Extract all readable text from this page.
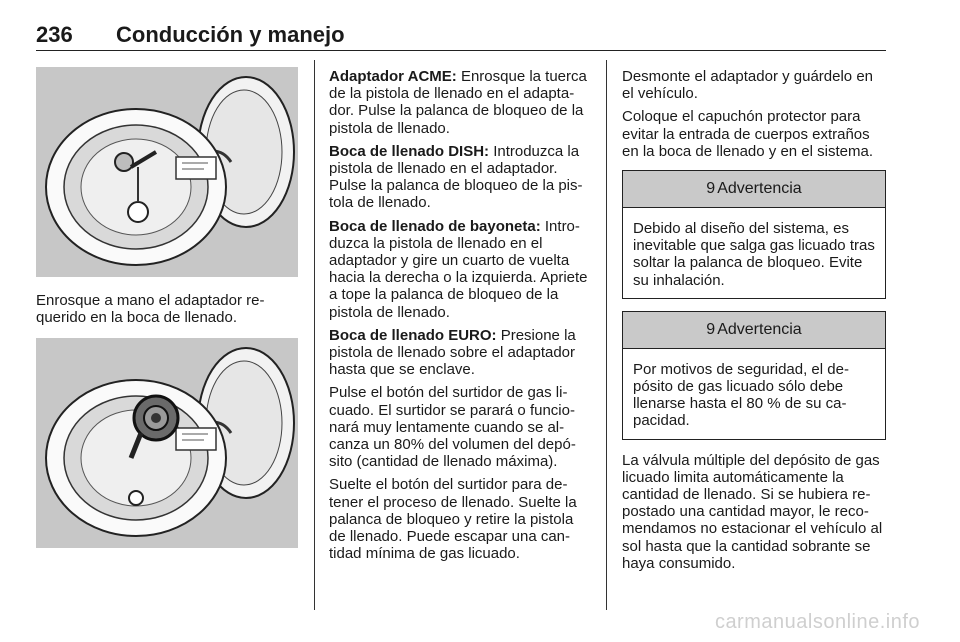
236 Conducción y manejo
Enrosque a mano el adaptador re-querido en la boca de llenado.

Adaptador ACME: Enrosque la tuerca de la pistola de llenado en el adapta-dor. Pulse la palanca de bloqueo de la pistola de llenado.

Boca de llenado DISH: Introduzca la pistola de llenado en el adaptador. Pulse la palanca de bloqueo de la pis-tola de llenado.

Boca de llenado de bayoneta: Intro-duzca la pistola de llenado en el adaptador y gire un cuarto de vuelta hacia la derecha o la izquierda. Apriete a tope la palanca de bloqueo de la pistola de llenado.

Boca de llenado EURO: Presione la pistola de llenado sobre el adaptador hasta que se enclave.

Pulse el botón del surtidor de gas li-cuado. El surtidor se parará o funcio-nará muy lentamente cuando se al-canza un 80% del volumen del depó-sito (cantidad de llenado máxima).

Suelte el botón del surtidor para de-tener el proceso de llenado. Suelte la palanca de bloqueo y retire la pistola de llenado. Puede escapar una can-tidad mínima de gas licuado.

Desmonte el adaptador y guárdelo en el vehículo.

Coloque el capuchón protector para evitar la entrada de cuerpos extraños en la boca de llenado y en el sistema.

9 Advertencia
Debido al diseño del sistema, es inevitable que salga gas licuado tras soltar la palanca de bloqueo. Evite su inhalación.
9 Advertencia
Por motivos de seguridad, el de-pósito de gas licuado sólo debe llenarse hasta el 80 % de su ca-pacidad.

La válvula múltiple del depósito de gas licuado limita automáticamente la cantidad de llenado. Si se hubiera re-postado una cantidad mayor, le reco-mendamos no estacionar el vehículo al sol hasta que la cantidad sobrante se haya consumido.

carmanualsonline.info
